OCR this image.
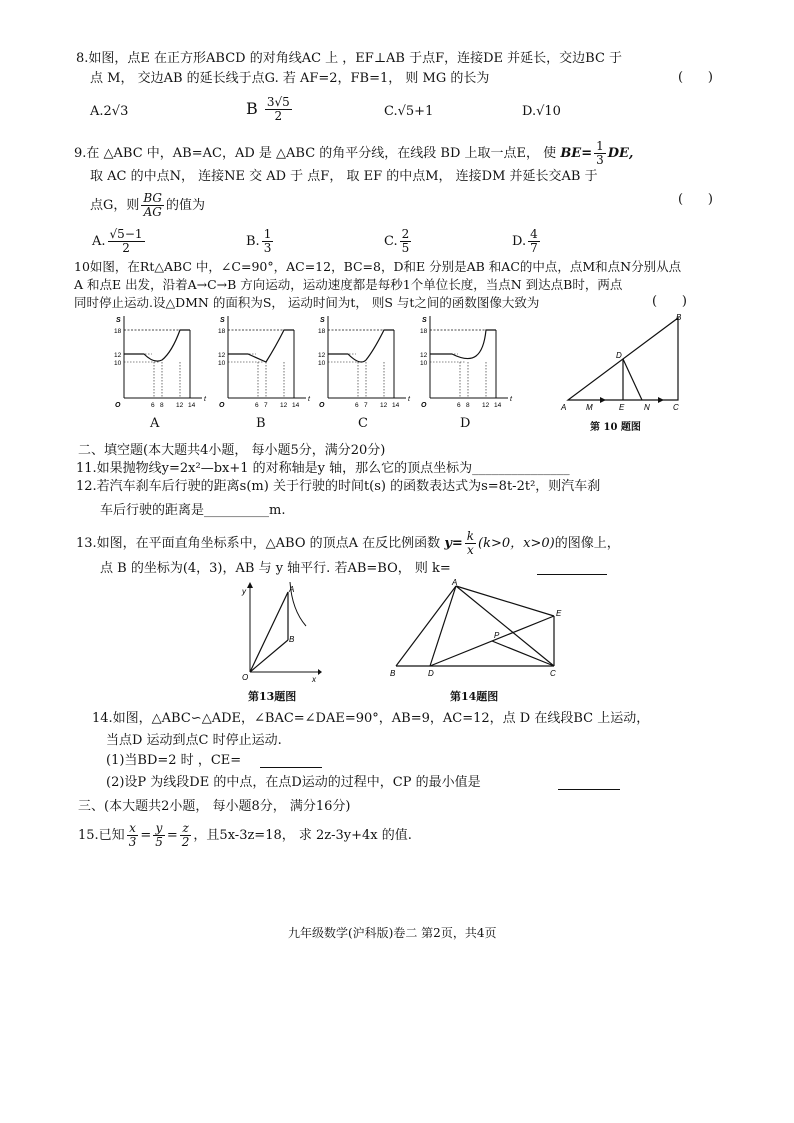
8.如图，点E 在正方形ABCD 的对角线AC 上 ，EF⊥AB 于点F，连接DE 并延长，交边BC 于
点 M， 交边AB 的延长线于点G. 若 AF=2，FB=1， 则 MG 的长为	(      )
A.2√3	B $\frac{3√5}{2}$	C.√5+1	D.√10
9.在 △ABC 中，AB=AC，AD 是 △ABC 的角平分线，在线段 BD 上取一点E， 使 $BE= \frac{1}{3}$ DE,
取 AC 的中点N， 连接NE 交 AD 于 点F， 取 EF 的中点M， 连接DM 并延长交AB 于
点G，则 $\frac{BG}{AG}$ 的值为	(      )
A. $\frac{√5-1}{2}$	B. $\frac{1}{3}$	C. $\frac{2}{5}$	D. $\frac{4}{7}$
10如图，在Rt△ABC 中，∠C=90°，AC=12，BC=8，D和E 分别是AB 和AC的中点，点M和点N分别从点
A 和点E 出发，沿着A→C→B 方向运动，运动速度都是每秒1个单位长度，当点N 到达点B时，两点
同时停止运动.设△DMN 的面积为S， 运动时间为t， 则S 与t之间的函数图像大致为	(      )
S
t
O
18
12
10
6 8 12 14
S
t
O
18
12
10
6 7 12 14
S
t
O
18
12
10
6 7 12 14
S
t
O
18
12
10
6 8 12 14
A	B	C	D
A
B
C
D
E
M	N
第 10 题图
二、填空题(本大题共4小题， 每小题5分，满分20分)
11.如果抛物线y=2x²—bx+1 的对称轴是y 轴，那么它的顶点坐标为_______________
12.若汽车刹车后行驶的距离s(m) 关于行驶的时间t(s) 的函数表达式为s=8t-2t²，则汽车刹
车后行驶的距离是__________m.
13.如图，在平面直角坐标系中，△ABO 的顶点A 在反比例函数 $y= \frac{k}{x} (k>0$，x>0)的图像上，
点 B 的坐标为(4，3)，AB 与 y 轴平行. 若AB=BO， 则 k=
y
x
O
A
B
第13题图
A
B	C
D
E
P
第14题图
14.如图，△ABC∽△ADE，∠BAC=∠DAE=90°，AB=9，AC=12，点 D 在线段BC 上运动，
当点D 运动到点C 时停止运动.
(1)当BD=2 时 ，CE=
(2)设P 为线段DE 的中点，在点D运动的过程中，CP 的最小值是
三、(本大题共2小题， 每小题8分， 满分16分)
15.已知 $\frac{x}{3} = \frac{y}{5} = \frac{z}{2}$ ，且5x-3z=18， 求 2z-3y+4x 的值.
九年级数学(沪科版)卷二 第2页，共4页
